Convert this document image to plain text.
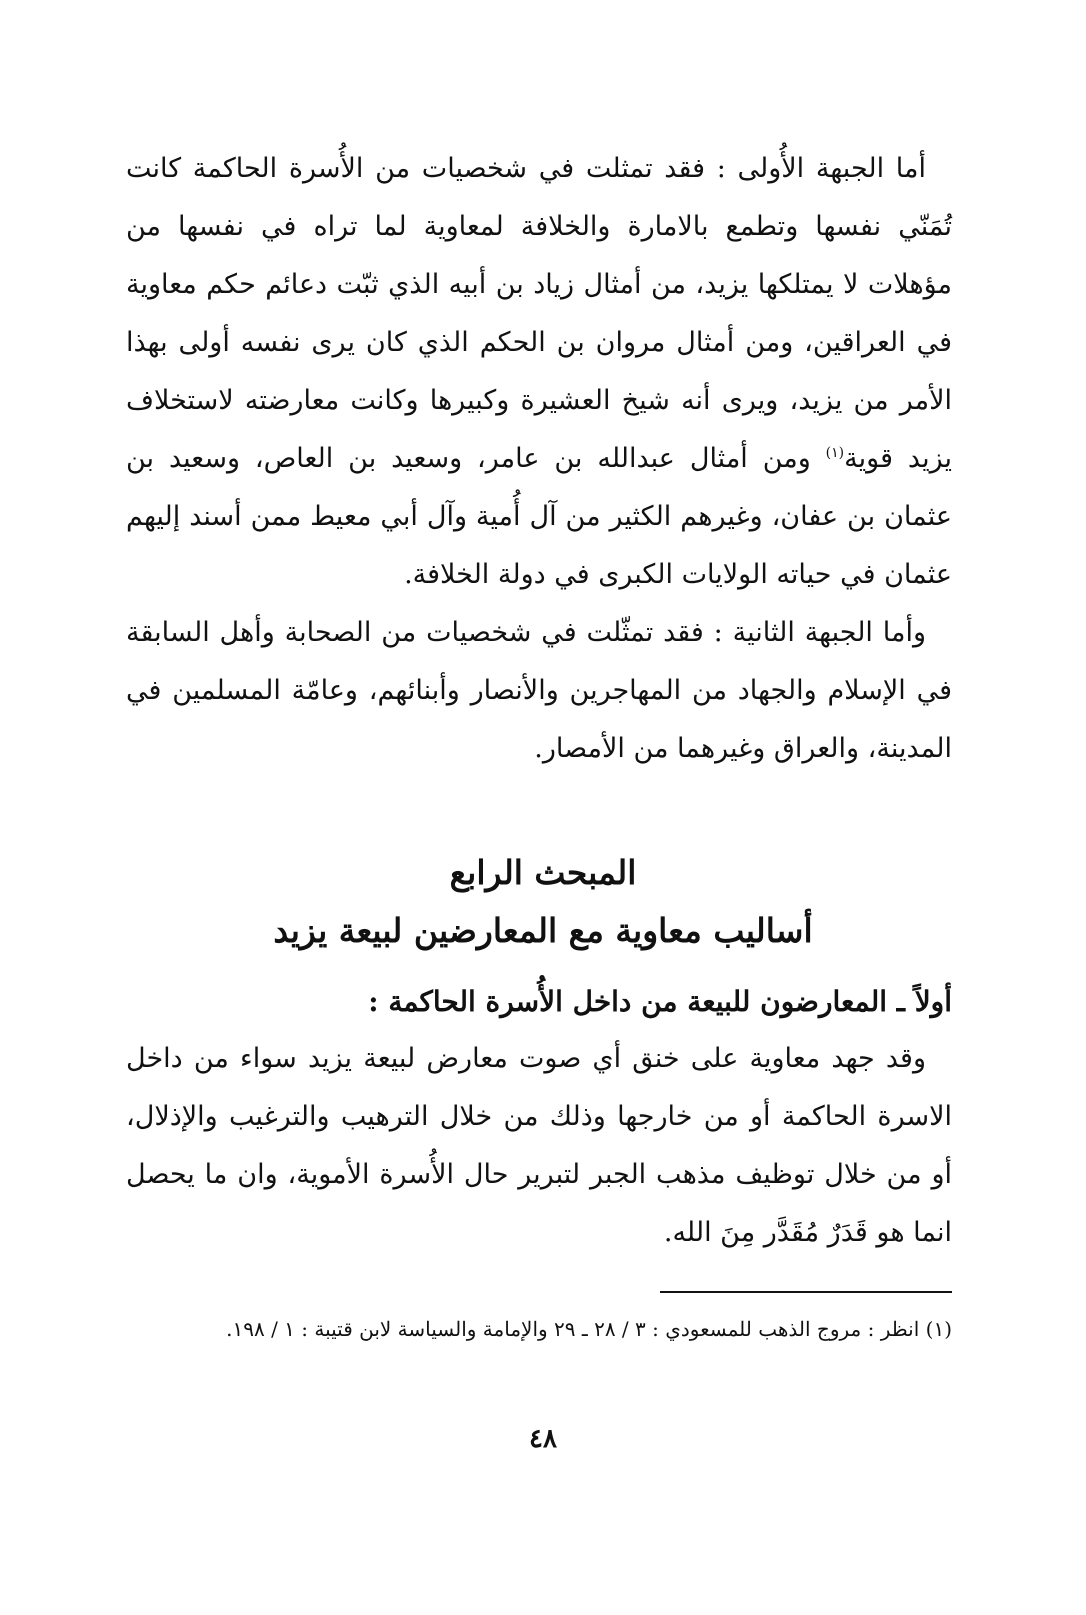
أما الجبهة الأُولى : فقد تمثلت في شخصيات من الأُسرة الحاكمة كانت تُمَنّي نفسها وتطمع بالامارة والخلافة لمعاوية لما تراه في نفسها من مؤهلات لا يمتلكها يزيد، من أمثال زياد بن أبيه الذي ثبّت دعائم حكم معاوية في العراقين، ومن أمثال مروان بن الحكم الذي كان يرى نفسه أولى بهذا الأمر من يزيد، ويرى أنه شيخ العشيرة وكبيرها وكانت معارضته لاستخلاف يزيد قوية$^{(١)}$ ومن أمثال عبدالله بن عامر، وسعيد بن العاص، وسعيد بن عثمان بن عفان، وغيرهم الكثير من آل أُمية وآل أبي معيط ممن أسند إليهم عثمان في حياته الولايات الكبرى في دولة الخلافة.

وأما الجبهة الثانية : فقد تمثّلت في شخصيات من الصحابة وأهل السابقة في الإسلام والجهاد من المهاجرين والأنصار وأبنائهم، وعامّة المسلمين في المدينة، والعراق وغيرهما من الأمصار.

المبحث الرابع
أساليب معاوية مع المعارضين لبيعة يزيد
أولاً ـ المعارضون للبيعة من داخل الأُسرة الحاكمة :

وقد جهد معاوية على خنق أي صوت معارض لبيعة يزيد سواء من داخل الاسرة الحاكمة أو من خارجها وذلك من خلال الترهيب والترغيب والإذلال، أو من خلال توظيف مذهب الجبر لتبرير حال الأُسرة الأموية، وان ما يحصل انما هو قَدَرٌ مُقَدَّر مِنَ الله.

(١) انظر : مروج الذهب للمسعودي : ٣ / ٢٨ ـ ٢٩ والإمامة والسياسة لابن قتيبة : ١ / ١٩٨.
٤٨
